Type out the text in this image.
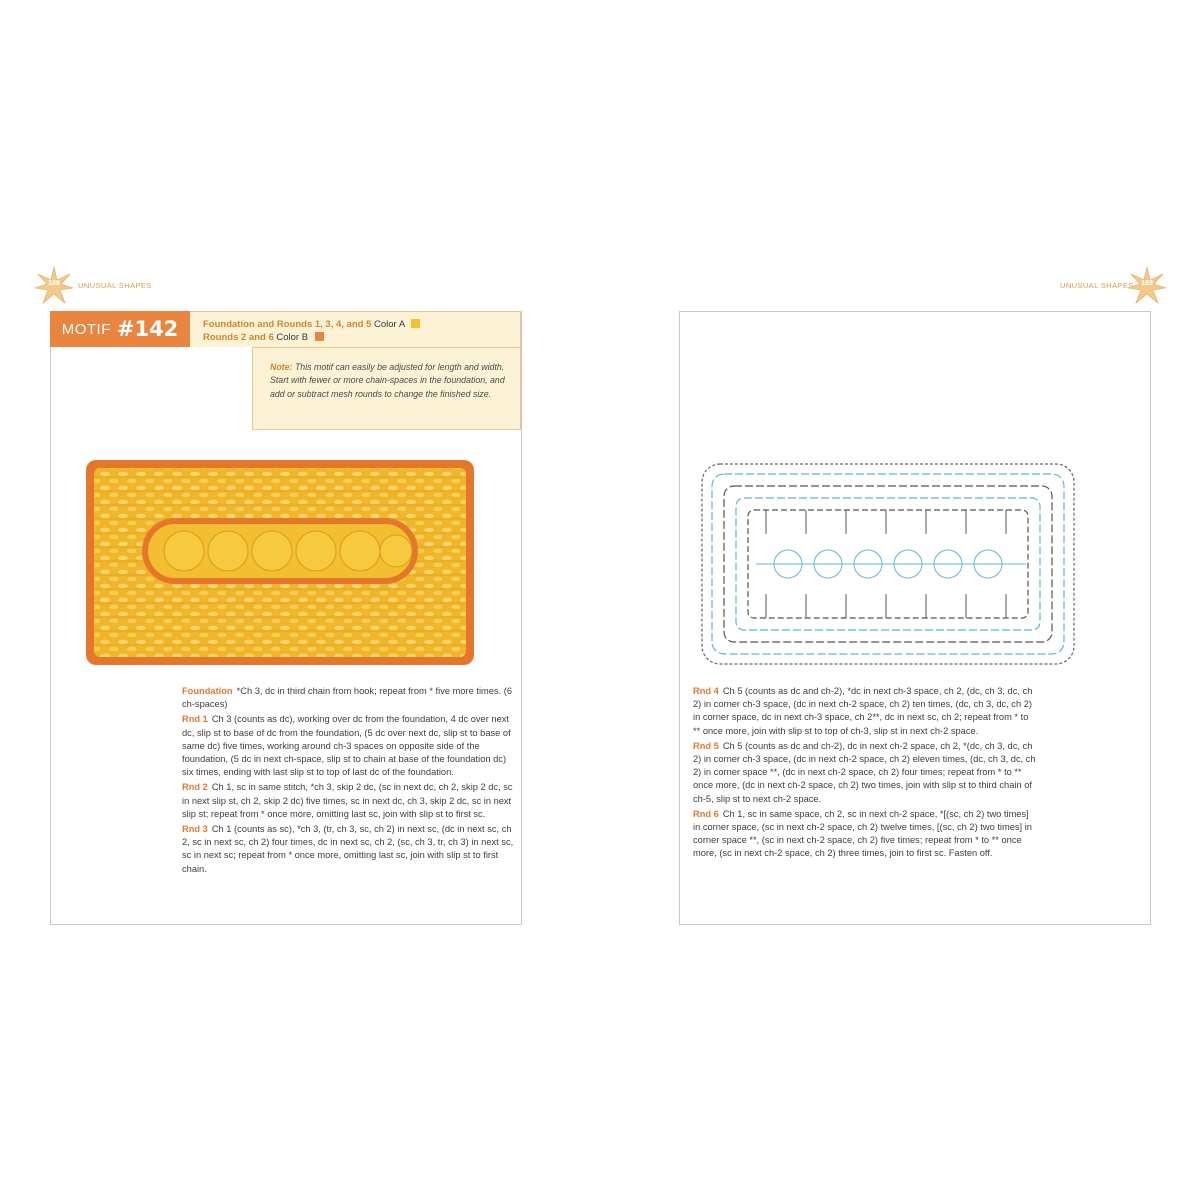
188	UNUSUAL SHAPES	UNUSUAL SHAPES	189
MOTIF #142	Foundation and Rounds 1, 3, 4, and 5 Color A
Rounds 2 and 6 Color B
Note: This motif can easily be adjusted for length and width. Start with fewer or more chain-spaces in the foundation, and add or subtract mesh rounds to change the finished size.

Foundation *Ch 3, dc in third chain from hook; repeat from * five more times. (6 ch-spaces)

Rnd 1 Ch 3 (counts as dc), working over dc from the foundation, 4 dc over next dc, slip st to base of dc from the foundation, (5 dc over next dc, slip st to base of same dc) five times, working around ch-3 spaces on opposite side of the foundation, (5 dc in next ch-space, slip st to chain at base of the foundation dc) six times, ending with last slip st to top of last dc of the foundation.

Rnd 2 Ch 1, sc in same stitch, *ch 3, skip 2 dc, (sc in next dc, ch 2, skip 2 dc, sc in next slip st, ch 2, skip 2 dc) five times, sc in next dc, ch 3, skip 2 dc, sc in next slip st; repeat from * once more, omitting last sc, join with slip st to first sc.

Rnd 3 Ch 1 (counts as sc), *ch 3, (tr, ch 3, sc, ch 2) in next sc, (dc in next sc, ch 2, sc in next sc, ch 2) four times, dc in next sc, ch 2, (sc, ch 3, tr, ch 3) in next sc, sc in next sc; repeat from * once more, omitting last sc, join with slip st to first chain.

Rnd 4 Ch 5 (counts as dc and ch-2), *dc in next ch-3 space, ch 2, (dc, ch 3, dc, ch 2) in corner ch-3 space, (dc in next ch-2 space, ch 2) ten times, (dc, ch 3, dc, ch 2) in corner space, dc in next ch-3 space, ch 2**, dc in next sc, ch 2; repeat from * to ** once more, join with slip st to top of ch-3, slip st in next ch-2 space.

Rnd 5 Ch 5 (counts as dc and ch-2), dc in next ch-2 space, ch 2, *(dc, ch 3, dc, ch 2) in corner ch-3 space, (dc in next ch-2 space, ch 2) eleven times, (dc, ch 3, dc, ch 2) in corner space **, (dc in next ch-2 space, ch 2) four times; repeat from * to ** once more, (dc in next ch-2 space, ch 2) two times, join with slip st to third chain of ch-5, slip st to next ch-2 space.

Rnd 6 Ch 1, sc in same space, ch 2, sc in next ch-2 space, *[(sc, ch 2) two times] in corner space, (sc in next ch-2 space, ch 2) twelve times, [(sc, ch 2) two times] in corner space **, (sc in next ch-2 space, ch 2) five times; repeat from * to ** once more, (sc in next ch-2 space, ch 2) three times, join to first sc. Fasten off.
